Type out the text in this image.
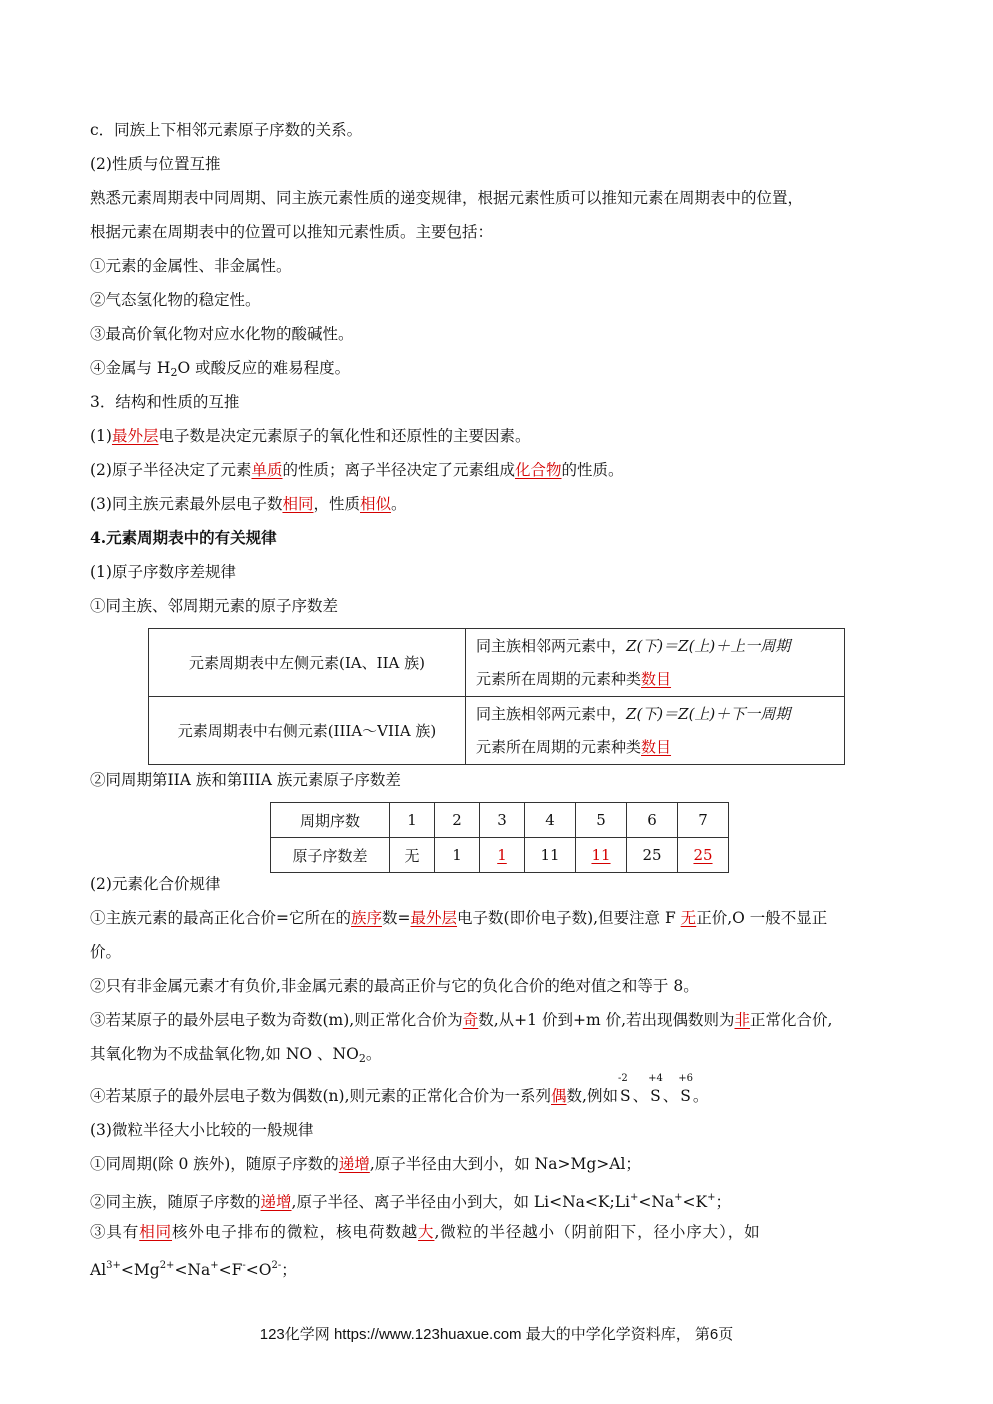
c．同族上下相邻元素原子序数的关系。
(2)性质与位置互推
熟悉元素周期表中同周期、同主族元素性质的递变规律，根据元素性质可以推知元素在周期表中的位置，
根据元素在周期表中的位置可以推知元素性质。主要包括：
①元素的金属性、非金属性。
②气态氢化物的稳定性。
③最高价氧化物对应水化物的酸碱性。
④金属与 $H_2O$ 或酸反应的难易程度。
3．结构和性质的互推
(1)最外层电子数是决定元素原子的氧化性和还原性的主要因素。
(2)原子半径决定了元素单质的性质；离子半径决定了元素组成化合物的性质。
(3)同主族元素最外层电子数相同，性质相似。
4.元素周期表中的有关规律
(1)原子序数序差规律
①同主族、邻周期元素的原子序数差
元素周期表中左侧元素(IA、IIA 族)	同主族相邻两元素中，Z(下)＝Z(上)＋上一周期
元素所在周期的元素种类数目
元素周期表中右侧元素(IIIA～VIIA 族)	同主族相邻两元素中，Z(下)＝Z(上)＋下一周期
元素所在周期的元素种类数目
②同周期第IIA 族和第IIIA 族元素原子序数差
周期序数	1	2	3	4	5	6	7
原子序数差	无	1	1	11	11	25	25
(2)元素化合价规律
①主族元素的最高正化合价=它所在的族序数=最外层电子数(即价电子数),但要注意 F 无正价,O 一般不显正
价。
②只有非金属元素才有负价,非金属元素的最高正价与它的负化合价的绝对值之和等于 8。
③若某原子的最外层电子数为奇数(m),则正常化合价为奇数,从+1 价到+m 价,若出现偶数则为非正常化合价,
其氧化物为不成盐氧化物,如 NO 、$NO_2$。
④若某原子的最外层电子数为偶数(n),则元素的正常化合价为一系列偶数,例如
-2
S 、
+4
S 、
+6
S 。
(3)微粒半径大小比较的一般规律
①同周期(除 0 族外)，随原子序数的递增,原子半径由大到小，如 Na>Mg>Al；
②同主族，随原子序数的递增,原子半径、离子半径由小到大，如 Li<Na<K;Li+<Na+<K+；
③具有相同核外电子排布的微粒，核电荷数越大,微粒的半径越小（阴前阳下，径小序大），如
$Al^{3+}<Mg^{2+}<Na^+<F^-<O^{2-}$；
123化学网 https://www.123huaxue.com 最大的中学化学资料库， 第6页
